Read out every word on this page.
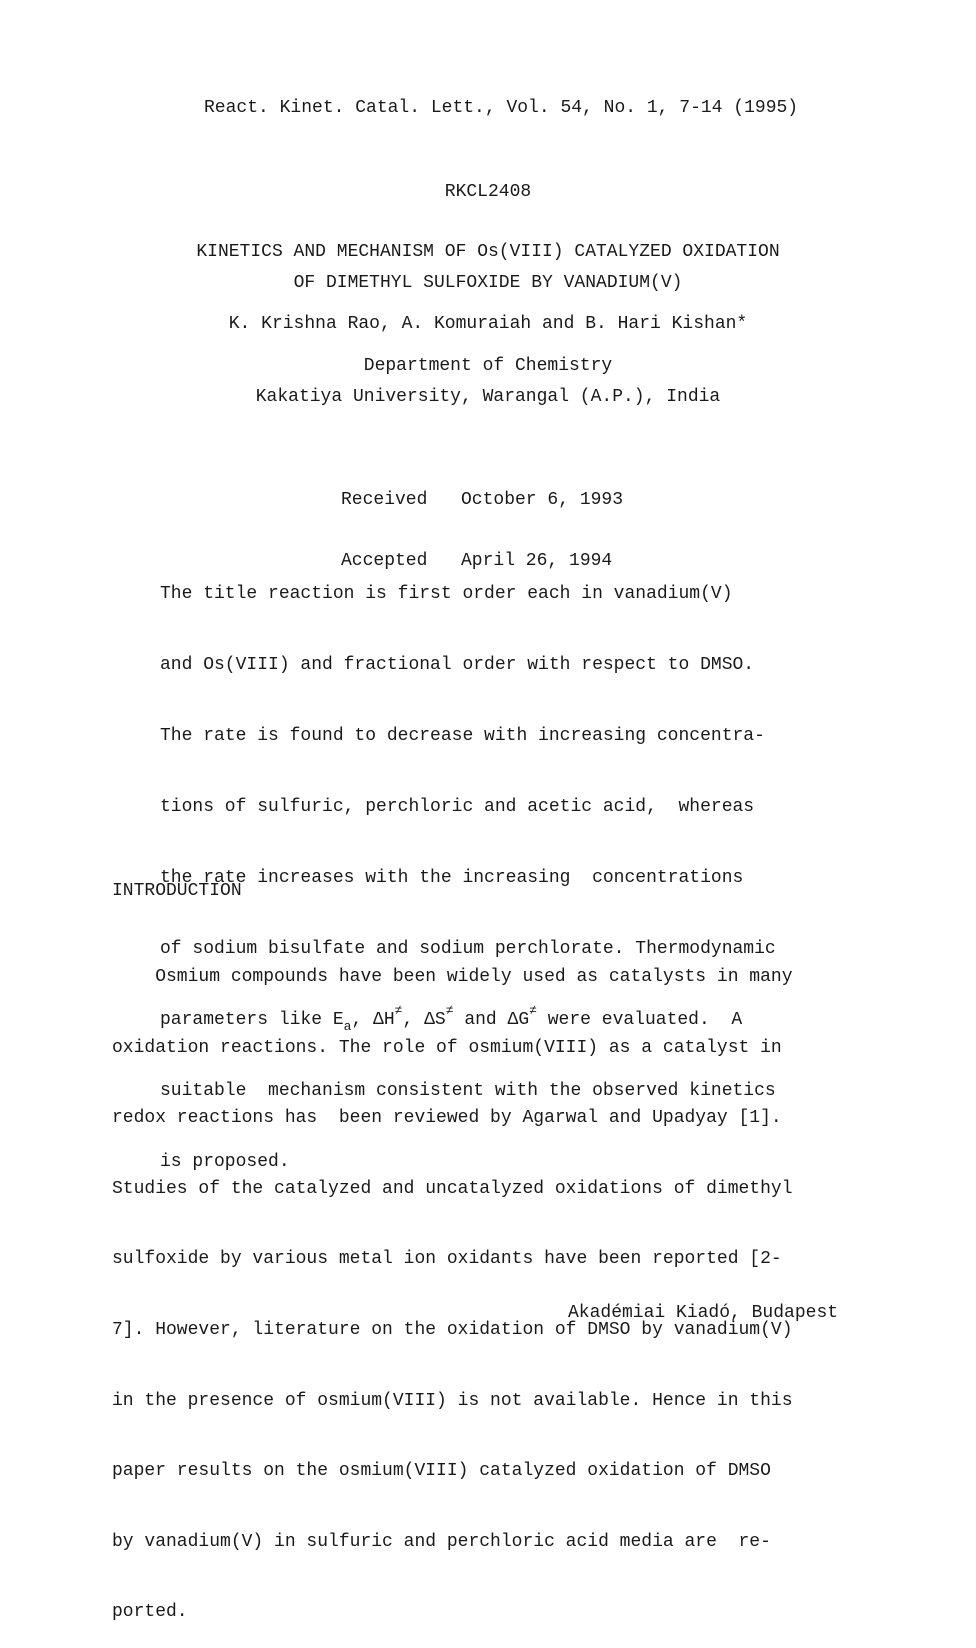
React. Kinet. Catal. Lett., Vol. 54, No. 1, 7-14 (1995)
RKCL2408
KINETICS AND MECHANISM OF Os(VIII) CATALYZED OXIDATION
OF DIMETHYL SULFOXIDE BY VANADIUM(V)
K. Krishna Rao, A. Komuraiah and B. Hari Kishan*
Department of Chemistry
Kakatiya University, Warangal (A.P.), India

Received October 6, 1993

Accepted April 26, 1994

The title reaction is first order each in vanadium(V)

and Os(VIII) and fractional order with respect to DMSO.

The rate is found to decrease with increasing concentra-

tions of sulfuric, perchloric and acetic acid,  whereas

the rate increases with the increasing  concentrations

of sodium bisulfate and sodium perchlorate. Thermodynamic

parameters like $E_a$, ΔH≠, ΔS≠ and ΔG≠ were evaluated.  A

suitable  mechanism consistent with the observed kinetics

is proposed.

INTRODUCTION

Osmium compounds have been widely used as catalysts in many

oxidation reactions. The role of osmium(VIII) as a catalyst in

redox reactions has  been reviewed by Agarwal and Upadyay [1].

Studies of the catalyzed and uncatalyzed oxidations of dimethyl

sulfoxide by various metal ion oxidants have been reported [2-

7]. However, literature on the oxidation of DMSO by vanadium(V)

in the presence of osmium(VIII) is not available. Hence in this

paper results on the osmium(VIII) catalyzed oxidation of DMSO

by vanadium(V) in sulfuric and perchloric acid media are  re-

ported.

Akadémiai Kiadó, Budapest
